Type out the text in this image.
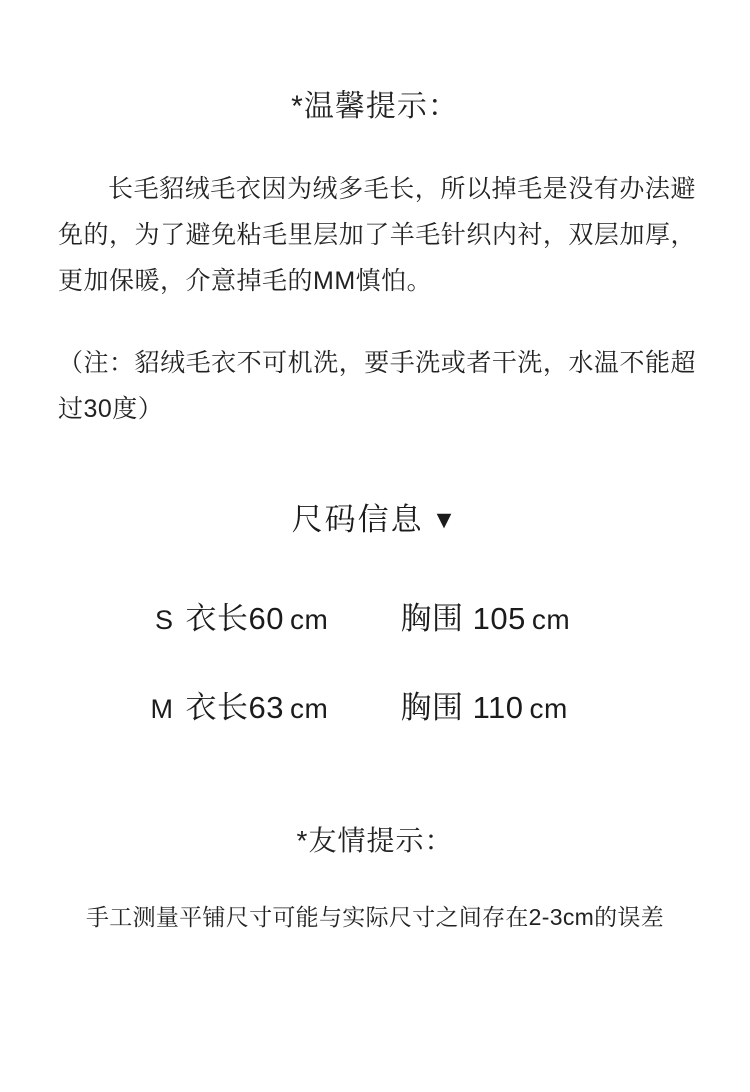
*温馨提示：

长毛貂绒毛衣因为绒多毛长，所以掉毛是没有办法避免的，为了避免粘毛里层加了羊毛针织内衬，双层加厚，更加保暖，介意掉毛的MM慎怕。

（注：貂绒毛衣不可机洗，要手洗或者干洗，水温不能超过30度）

尺码信息 ▼
S 衣长60 cm	胸围 105 cm
M 衣长63 cm	胸围 110 cm
*友情提示：
手工测量平铺尺寸可能与实际尺寸之间存在2-3cm的误差
